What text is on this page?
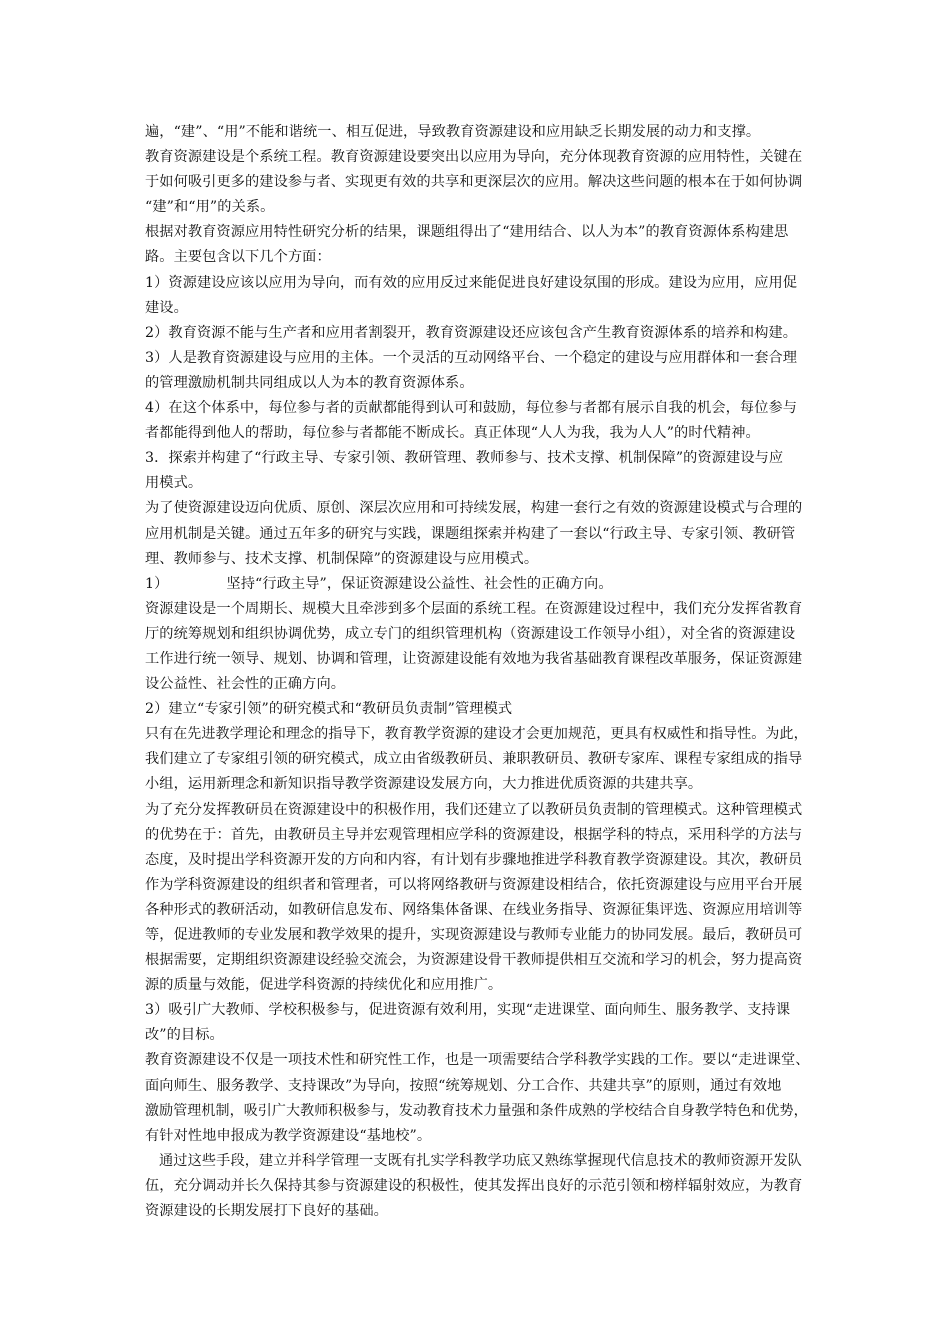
遍，“建”、“用”不能和谐统一、相互促进，导致教育资源建设和应用缺乏长期发展的动力和支撑。
教育资源建设是个系统工程。教育资源建设要突出以应用为导向，充分体现教育资源的应用特性，关键在
于如何吸引更多的建设参与者、实现更有效的共享和更深层次的应用。解决这些问题的根本在于如何协调
“建”和“用”的关系。
根据对教育资源应用特性研究分析的结果，课题组得出了“建用结合、以人为本”的教育资源体系构建思
路。主要包含以下几个方面：
1）资源建设应该以应用为导向，而有效的应用反过来能促进良好建设氛围的形成。建设为应用，应用促
建设。
2）教育资源不能与生产者和应用者割裂开，教育资源建设还应该包含产生教育资源体系的培养和构建。
3）人是教育资源建设与应用的主体。一个灵活的互动网络平台、一个稳定的建设与应用群体和一套合理
的管理激励机制共同组成以人为本的教育资源体系。
4）在这个体系中，每位参与者的贡献都能得到认可和鼓励，每位参与者都有展示自我的机会，每位参与
者都能得到他人的帮助，每位参与者都能不断成长。真正体现“人人为我，我为人人”的时代精神。
3．探索并构建了“行政主导、专家引领、教研管理、教师参与、技术支撑、机制保障”的资源建设与应
用模式。
为了使资源建设迈向优质、原创、深层次应用和可持续发展，构建一套行之有效的资源建设模式与合理的
应用机制是关键。通过五年多的研究与实践，课题组探索并构建了一套以“行政主导、专家引领、教研管
理、教师参与、技术支撑、机制保障”的资源建设与应用模式。
1）	坚持“行政主导”，保证资源建设公益性、社会性的正确方向。
资源建设是一个周期长、规模大且牵涉到多个层面的系统工程。在资源建设过程中，我们充分发挥省教育
厅的统筹规划和组织协调优势，成立专门的组织管理机构（资源建设工作领导小组），对全省的资源建设
工作进行统一领导、规划、协调和管理，让资源建设能有效地为我省基础教育课程改革服务，保证资源建
设公益性、社会性的正确方向。
2）建立“专家引领”的研究模式和“教研员负责制”管理模式
只有在先进教学理论和理念的指导下，教育教学资源的建设才会更加规范，更具有权威性和指导性。为此，
我们建立了专家组引领的研究模式，成立由省级教研员、兼职教研员、教研专家库、课程专家组成的指导
小组，运用新理念和新知识指导教学资源建设发展方向，大力推进优质资源的共建共享。
为了充分发挥教研员在资源建设中的积极作用，我们还建立了以教研员负责制的管理模式。这种管理模式
的优势在于：首先，由教研员主导并宏观管理相应学科的资源建设，根据学科的特点，采用科学的方法与
态度，及时提出学科资源开发的方向和内容，有计划有步骤地推进学科教育教学资源建设。其次，教研员
作为学科资源建设的组织者和管理者，可以将网络教研与资源建设相结合，依托资源建设与应用平台开展
各种形式的教研活动，如教研信息发布、网络集体备课、在线业务指导、资源征集评选、资源应用培训等
等，促进教师的专业发展和教学效果的提升，实现资源建设与教师专业能力的协同发展。最后，教研员可
根据需要，定期组织资源建设经验交流会，为资源建设骨干教师提供相互交流和学习的机会，努力提高资
源的质量与效能，促进学科资源的持续优化和应用推广。
3）吸引广大教师、学校积极参与，促进资源有效利用，实现“走进课堂、面向师生、服务教学、支持课
改”的目标。
教育资源建设不仅是一项技术性和研究性工作，也是一项需要结合学科教学实践的工作。要以“走进课堂、
面向师生、服务教学、支持课改”为导向，按照“统筹规划、分工合作、共建共享”的原则，通过有效地
激励管理机制，吸引广大教师积极参与，发动教育技术力量强和条件成熟的学校结合自身教学特色和优势，
有针对性地申报成为教学资源建设“基地校”。
通过这些手段，建立并科学管理一支既有扎实学科教学功底又熟练掌握现代信息技术的教师资源开发队
伍，充分调动并长久保持其参与资源建设的积极性，使其发挥出良好的示范引领和榜样辐射效应，为教育
资源建设的长期发展打下良好的基础。
